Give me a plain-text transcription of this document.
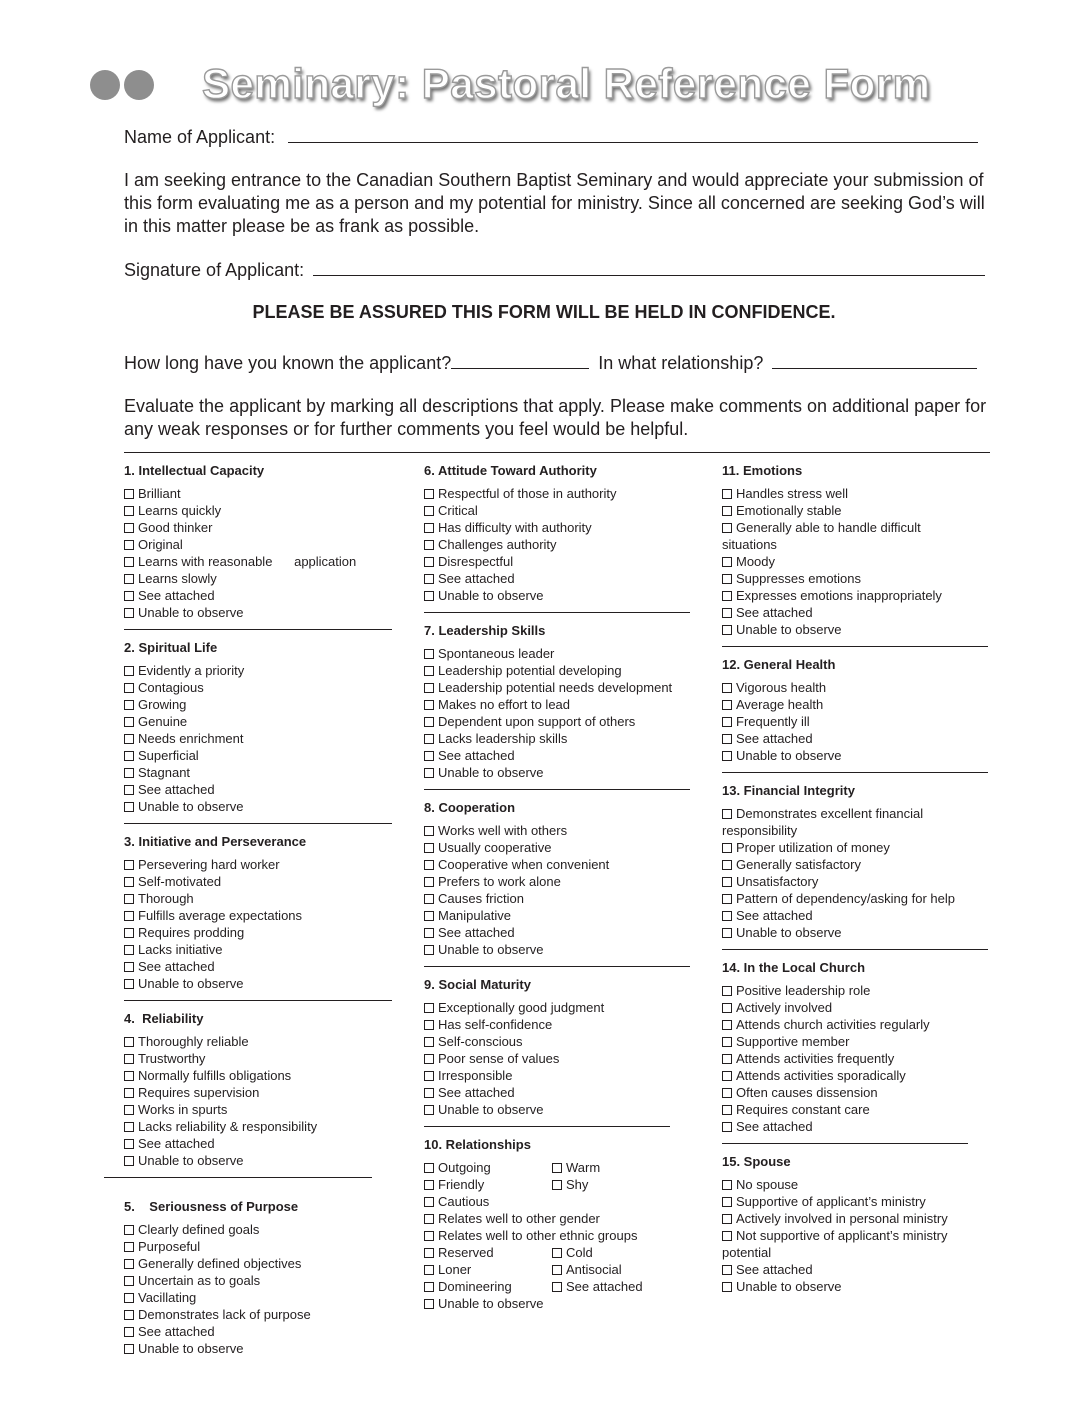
Seminary: Pastoral Reference Form
Name of Applicant:
I am seeking entrance to the Canadian Southern Baptist Seminary and would appreciate your submission of this form evaluating me as a person and my potential for ministry. Since all concerned are seeking God’s will in this matter please be as frank as possible.
Signature of Applicant:
PLEASE BE ASSURED THIS FORM WILL BE HELD IN CONFIDENCE.
How long have you known the applicant?	In what relationship?
Evaluate the applicant by marking all descriptions that apply. Please make comments on additional paper for any weak responses or for further comments you feel would be helpful.
1. Intellectual Capacity
Brilliant
Learns quickly
Good thinker
Original
Learns with reasonable      application
Learns slowly
See attached
Unable to observe
2. Spiritual Life
Evidently a priority
Contagious
Growing
Genuine
Needs enrichment
Superficial
Stagnant
See attached
Unable to observe
3. Initiative and Perseverance
Persevering hard worker
Self-motivated
Thorough
Fulfills average expectations
Requires prodding
Lacks initiative
See attached
Unable to observe
4.  Reliability
Thoroughly reliable
Trustworthy
Normally fulfills obligations
Requires supervision
Works in spurts
Lacks reliability & responsibility
See attached
Unable to observe
5.    Seriousness of Purpose
Clearly defined goals
Purposeful
Generally defined objectives
Uncertain as to goals
Vacillating
Demonstrates lack of purpose
See attached
Unable to observe
6. Attitude Toward Authority
Respectful of those in authority
Critical
Has difficulty with authority
Challenges authority
Disrespectful
See attached
Unable to observe
7. Leadership Skills
Spontaneous leader
Leadership potential developing
Leadership potential needs development
Makes no effort to lead
Dependent upon support of others
Lacks leadership skills
See attached
Unable to observe
8. Cooperation
Works well with others
Usually cooperative
Cooperative when convenient
Prefers to work alone
Causes friction
Manipulative
See attached
Unable to observe
9. Social Maturity
Exceptionally good judgment
Has self-confidence
Self-conscious
Poor sense of values
Irresponsible
See attached
Unable to observe
10. Relationships
Outgoing	Warm
Friendly	Shy
Cautious
Relates well to other gender
Relates well to other ethnic groups
Reserved	Cold
Loner	Antisocial
Domineering	See attached
Unable to observe
11. Emotions
Handles stress well
Emotionally stable
Generally able to handle difficult situations
Moody
Suppresses emotions
Expresses emotions inappropriately
See attached
Unable to observe
12. General Health
Vigorous health
Average health
Frequently ill
See attached
Unable to observe
13. Financial Integrity
Demonstrates excellent financial responsibility
Proper utilization of money
Generally satisfactory
Unsatisfactory
Pattern of dependency/asking for help
See attached
Unable to observe
14. In the Local Church
Positive leadership role
Actively involved
Attends church activities regularly
Supportive member
Attends activities frequently
Attends activities sporadically
Often causes dissension
Requires constant care
See attached
15. Spouse
No spouse
Supportive of applicant’s ministry
Actively involved in personal ministry
Not supportive of applicant’s ministry potential
See attached
Unable to observe
